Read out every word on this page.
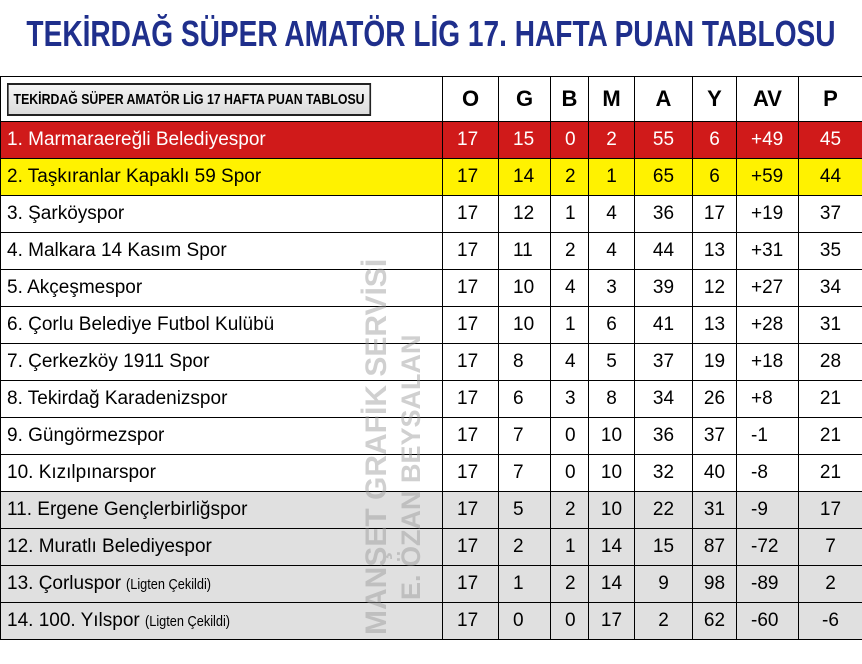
TEKİRDAĞ SÜPER AMATÖR LİG 17. HAFTA PUAN TABLOSU
TEKİRDAĞ SÜPER AMATÖR LİG 17 HAFTA PUAN TABLOSU	O	G	B	M	A	Y	AV	P
1. Marmaraereğli Belediyespor	17	15	0	2	55	6	+49	45
2. Taşkıranlar Kapaklı 59 Spor	17	14	2	1	65	6	+59	44
3. Şarköyspor	17	12	1	4	36	17	+19	37
4. Malkara 14 Kasım Spor	17	11	2	4	44	13	+31	35
5. Akçeşmespor	17	10	4	3	39	12	+27	34
6. Çorlu Belediye Futbol Kulübü	17	10	1	6	41	13	+28	31
7. Çerkezköy 1911 Spor	17	8	4	5	37	19	+18	28
8. Tekirdağ Karadenizspor	17	6	3	8	34	26	+8	21
9. Güngörmezspor	17	7	0	10	36	37	-1	21
10. Kızılpınarspor	17	7	0	10	32	40	-8	21
11. Ergene Gençlerbirliğspor	17	5	2	10	22	31	-9	17
12. Muratlı Belediyespor	17	2	1	14	15	87	-72	7
13. Çorluspor (Ligten Çekildi)	17	1	2	14	9	98	-89	2
14. 100. Yılspor (Ligten Çekildi)	17	0	0	17	2	62	-60	-6
MANŞET GRAFİK SERVİSİ E. ÖZAN BEYSALAN
